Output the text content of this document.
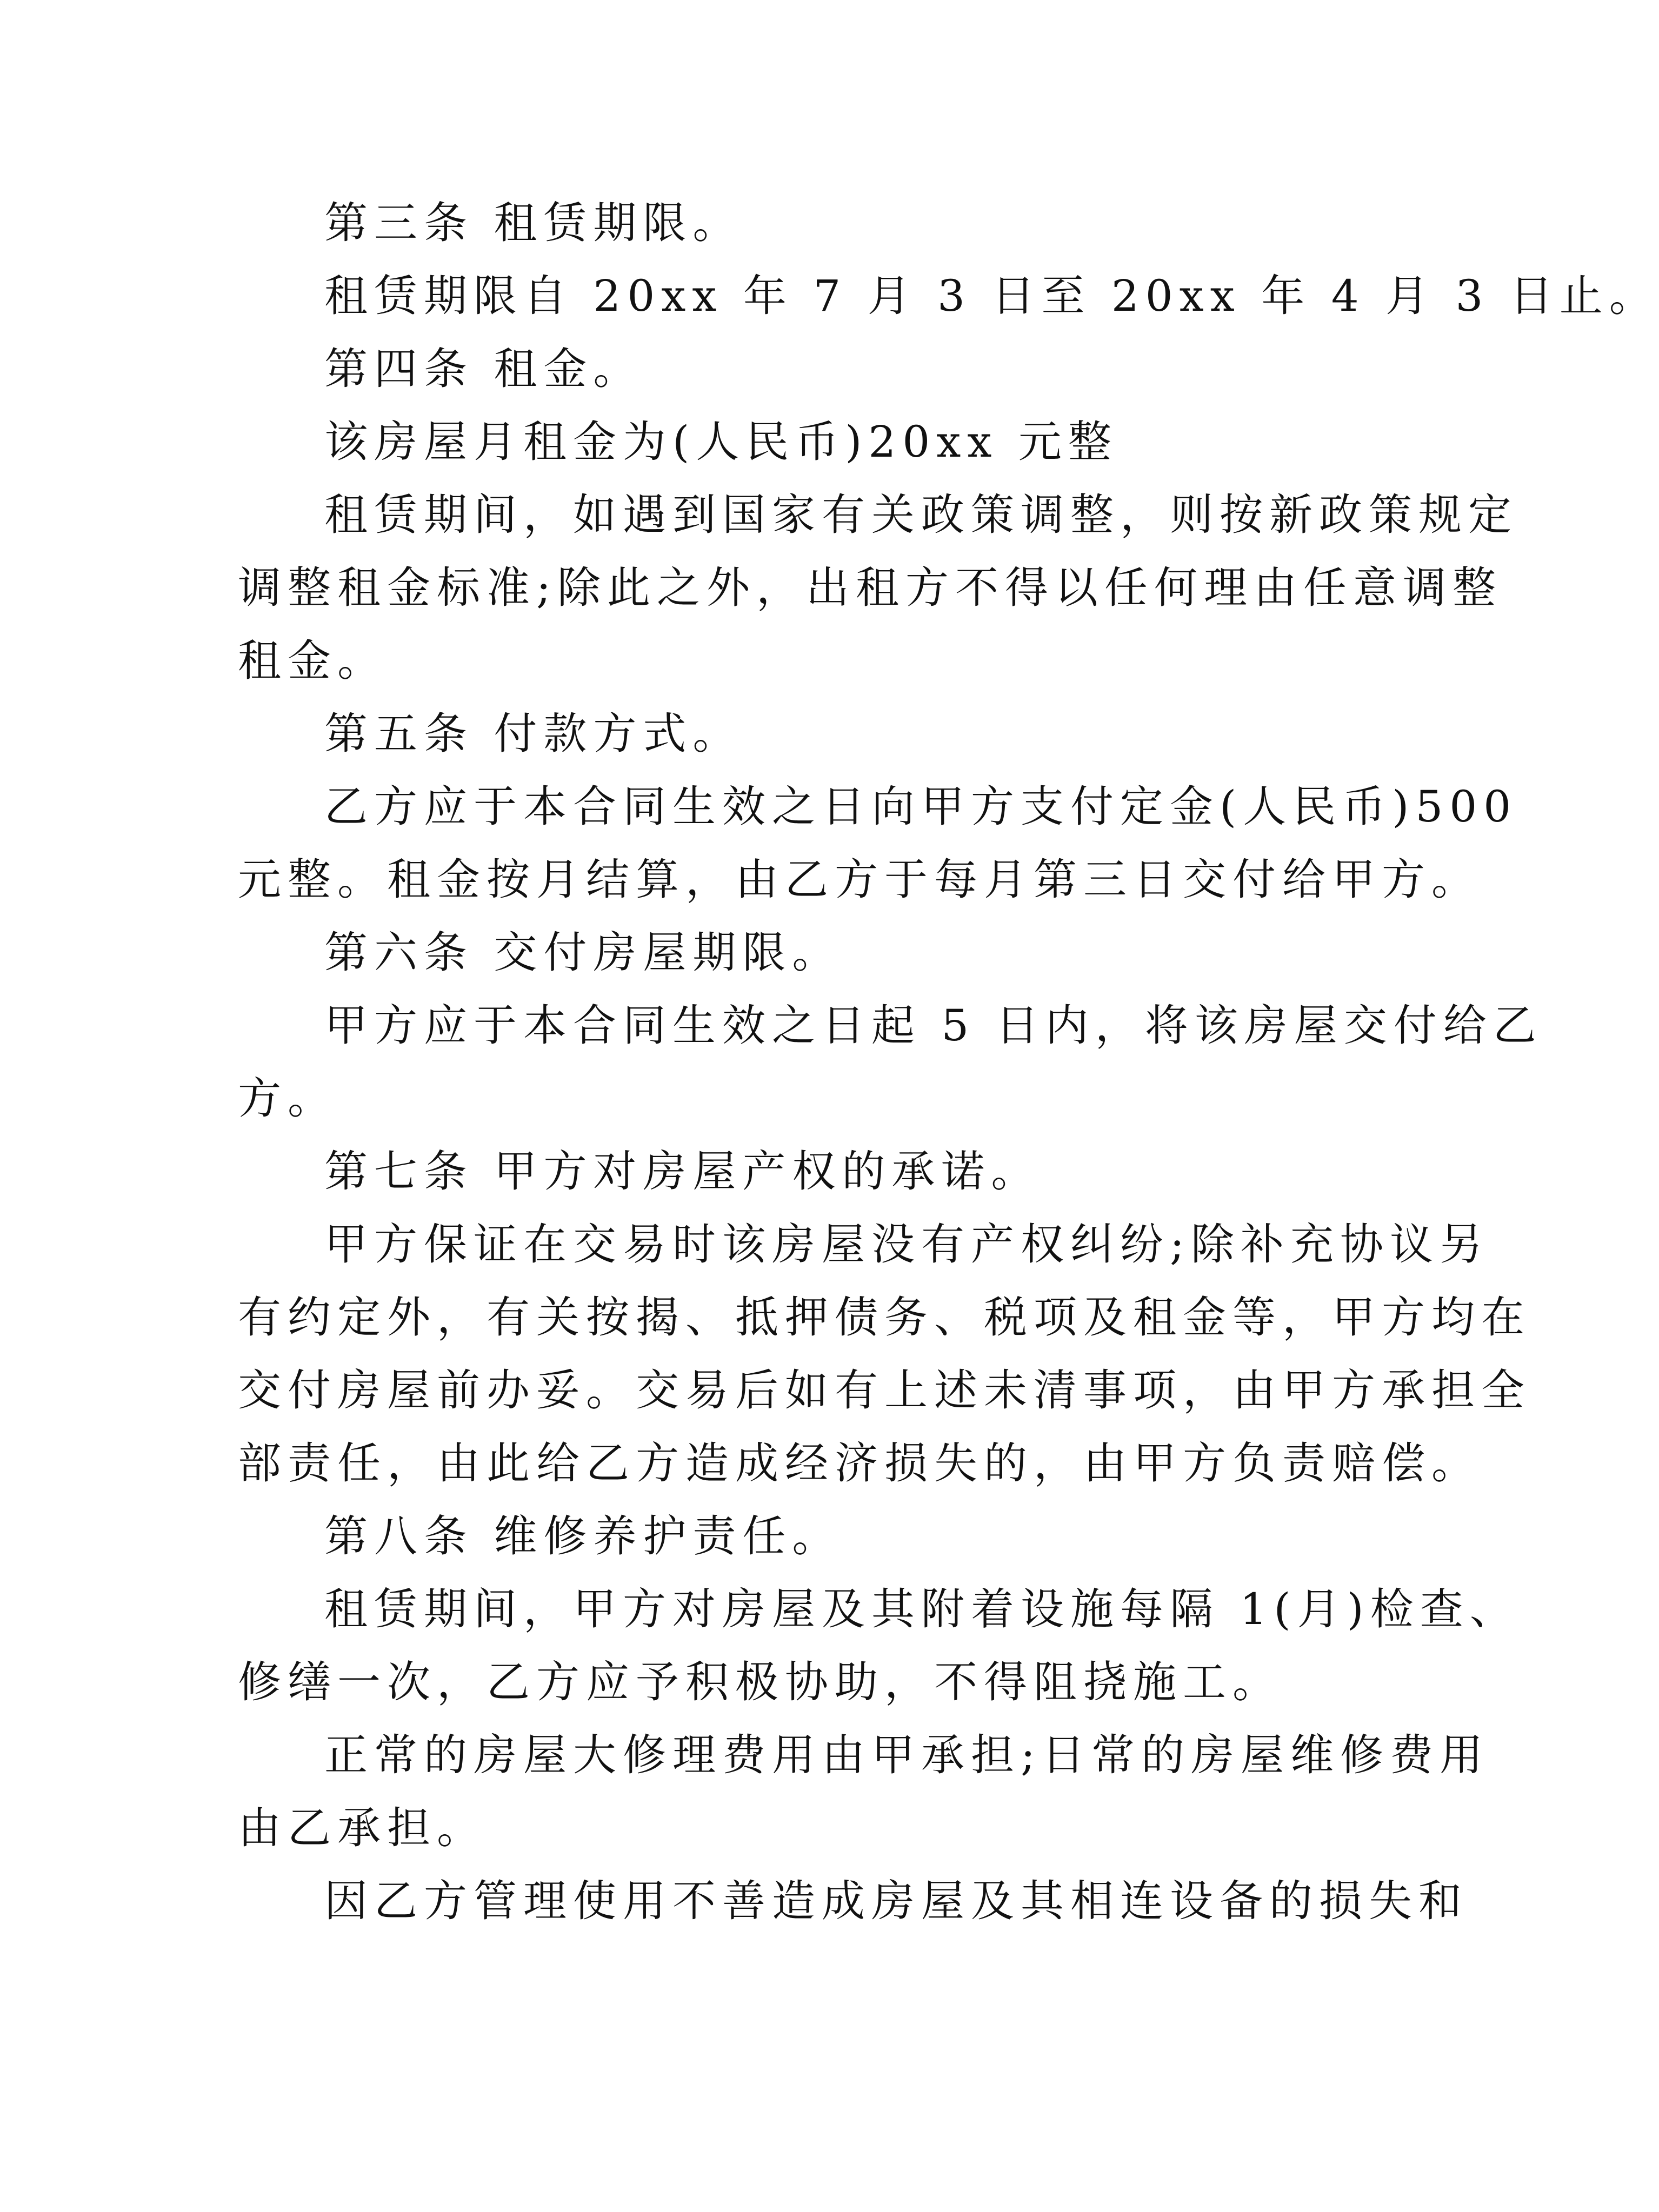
第三条 租赁期限。
租赁期限自 20xx 年 7 月 3 日至 20xx 年 4 月 3 日止。
第四条 租金。
该房屋月租金为(人民币)20xx 元整
租赁期间，如遇到国家有关政策调整，则按新政策规定
调整租金标准;除此之外，出租方不得以任何理由任意调整
租金。
第五条 付款方式。
乙方应于本合同生效之日向甲方支付定金(人民币)500
元整。租金按月结算，由乙方于每月第三日交付给甲方。
第六条 交付房屋期限。
甲方应于本合同生效之日起 5 日内，将该房屋交付给乙
方。
第七条 甲方对房屋产权的承诺。
甲方保证在交易时该房屋没有产权纠纷;除补充协议另
有约定外，有关按揭、抵押债务、税项及租金等，甲方均在
交付房屋前办妥。交易后如有上述未清事项，由甲方承担全
部责任，由此给乙方造成经济损失的，由甲方负责赔偿。
第八条 维修养护责任。
租赁期间，甲方对房屋及其附着设施每隔 1(月)检查、
修缮一次，乙方应予积极协助，不得阻挠施工。
正常的房屋大修理费用由甲承担;日常的房屋维修费用
由乙承担。
因乙方管理使用不善造成房屋及其相连设备的损失和
